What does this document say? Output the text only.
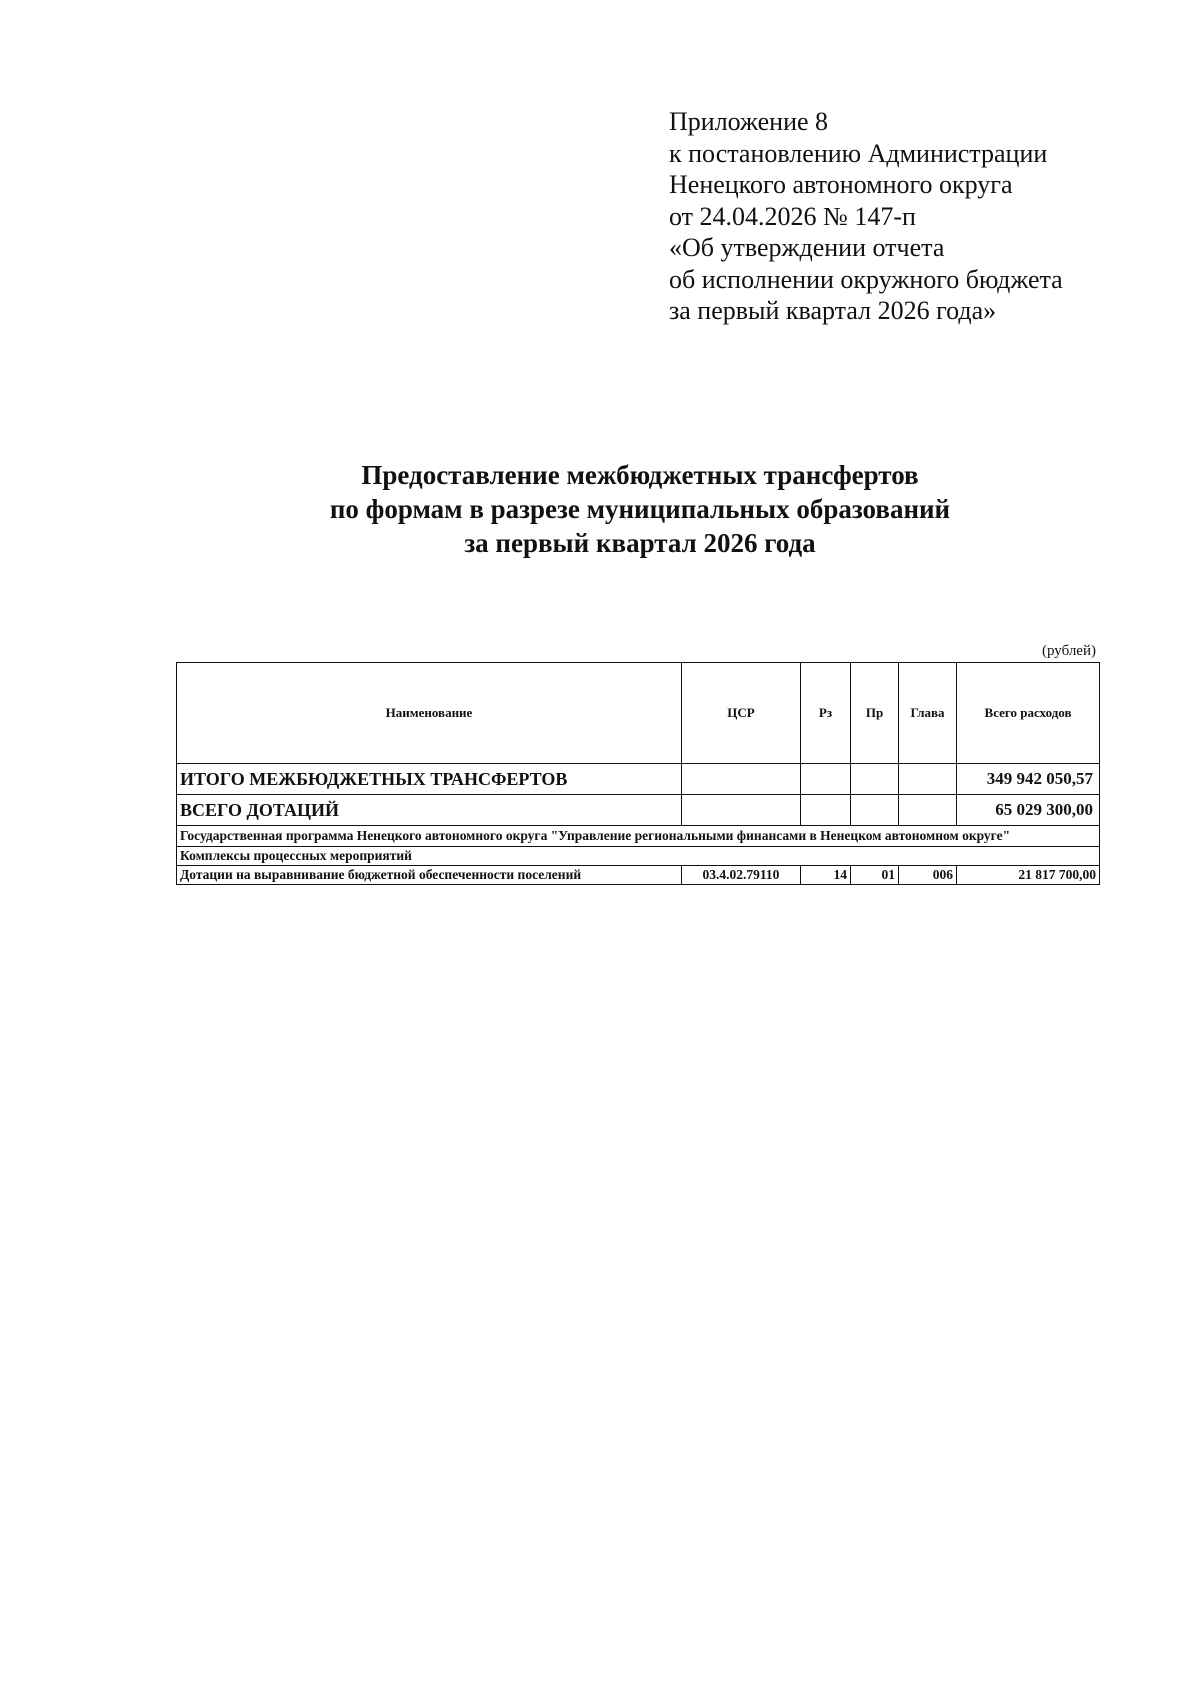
Приложение 8
к постановлению Администрации
Ненецкого автономного округа
от 24.04.2026 № 147-п
«Об утверждении отчета
об исполнении окружного бюджета
за первый квартал 2026 года»
Предоставление межбюджетных трансфертов
по формам в разрезе муниципальных образований
за первый квартал 2026 года
(рублей)
Наименование	ЦСР	Рз	Пр	Глава	Всего расходов
ИТОГО МЕЖБЮДЖЕТНЫХ ТРАНСФЕРТОВ					349 942 050,57
ВСЕГО ДОТАЦИЙ					65 029 300,00
Государственная программа Ненецкого автономного округа "Управление региональными финансами в Ненецком автономном округе"					
Комплексы процессных мероприятий					
Дотации на выравнивание бюджетной обеспеченности поселений	03.4.02.79110	14	01	006	21 817 700,00
